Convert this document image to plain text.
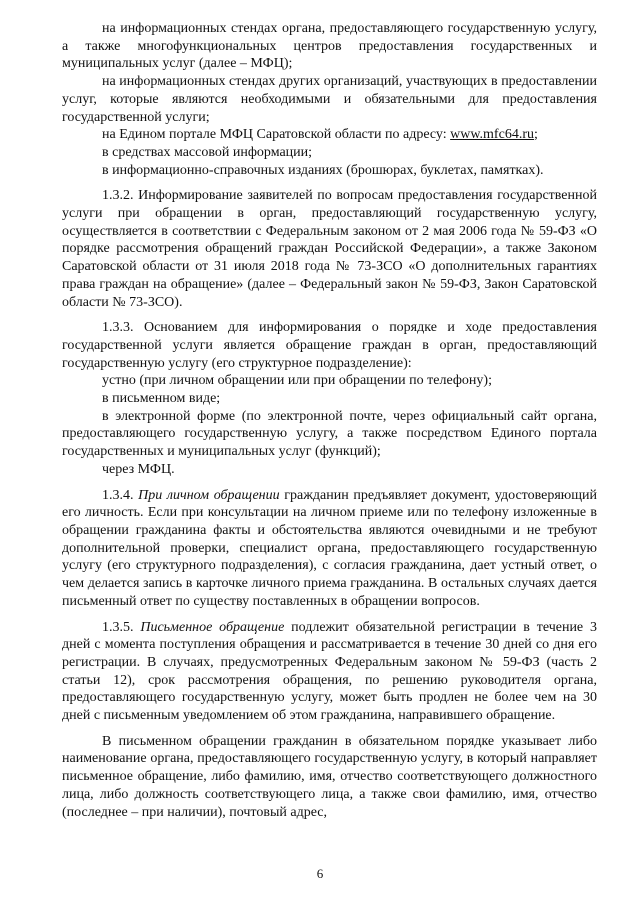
на информационных стендах органа, предоставляющего государственную услугу, а также многофункциональных центров предоставления государственных и муниципальных услуг (далее – МФЦ);

на информационных стендах других организаций, участвующих в предоставлении услуг, которые являются необходимыми и обязательными для предоставления государственной услуги;

на Едином портале МФЦ Саратовской области по адресу: www.mfc64.ru;

в средствах массовой информации;

в информационно-справочных изданиях (брошюрах, буклетах, памятках).

1.3.2. Информирование заявителей по вопросам предоставления государственной услуги при обращении в орган, предоставляющий государственную услугу, осуществляется в соответствии с Федеральным законом от 2 мая 2006 года № 59-ФЗ «О порядке рассмотрения обращений граждан Российской Федерации», а также Законом Саратовской области от 31 июля 2018 года № 73-ЗСО «О дополнительных гарантиях права граждан на обращение» (далее – Федеральный закон № 59-ФЗ, Закон Саратовской области № 73-ЗСО).

1.3.3. Основанием для информирования о порядке и ходе предоставления государственной услуги является обращение граждан в орган, предоставляющий государственную услугу (его структурное подразделение):

устно (при личном обращении или при обращении по телефону);

в письменном виде;

в электронной форме (по электронной почте, через официальный сайт органа, предоставляющего государственную услугу, а также посредством Единого портала государственных и муниципальных услуг (функций);

через МФЦ.

1.3.4. При личном обращении гражданин предъявляет документ, удостоверяющий его личность. Если при консультации на личном приеме или по телефону изложенные в обращении гражданина факты и обстоятельства являются очевидными и не требуют дополнительной проверки, специалист органа, предоставляющего государственную услугу (его структурного подразделения), с согласия гражданина, дает устный ответ, о чем делается запись в карточке личного приема гражданина. В остальных случаях дается письменный ответ по существу поставленных в обращении вопросов.

1.3.5. Письменное обращение подлежит обязательной регистрации в течение 3 дней с момента поступления обращения и рассматривается в течение 30 дней со дня его регистрации. В случаях, предусмотренных Федеральным законом № 59-ФЗ (часть 2 статьи 12), срок рассмотрения обращения, по решению руководителя органа, предоставляющего государственную услугу, может быть продлен не более чем на 30 дней с письменным уведомлением об этом гражданина, направившего обращение.

В письменном обращении гражданин в обязательном порядке указывает либо наименование органа, предоставляющего государственную услугу, в который направляет письменное обращение, либо фамилию, имя, отчество соответствующего должностного лица, либо должность соответствующего лица, а также свои фамилию, имя, отчество (последнее – при наличии), почтовый адрес,

6
